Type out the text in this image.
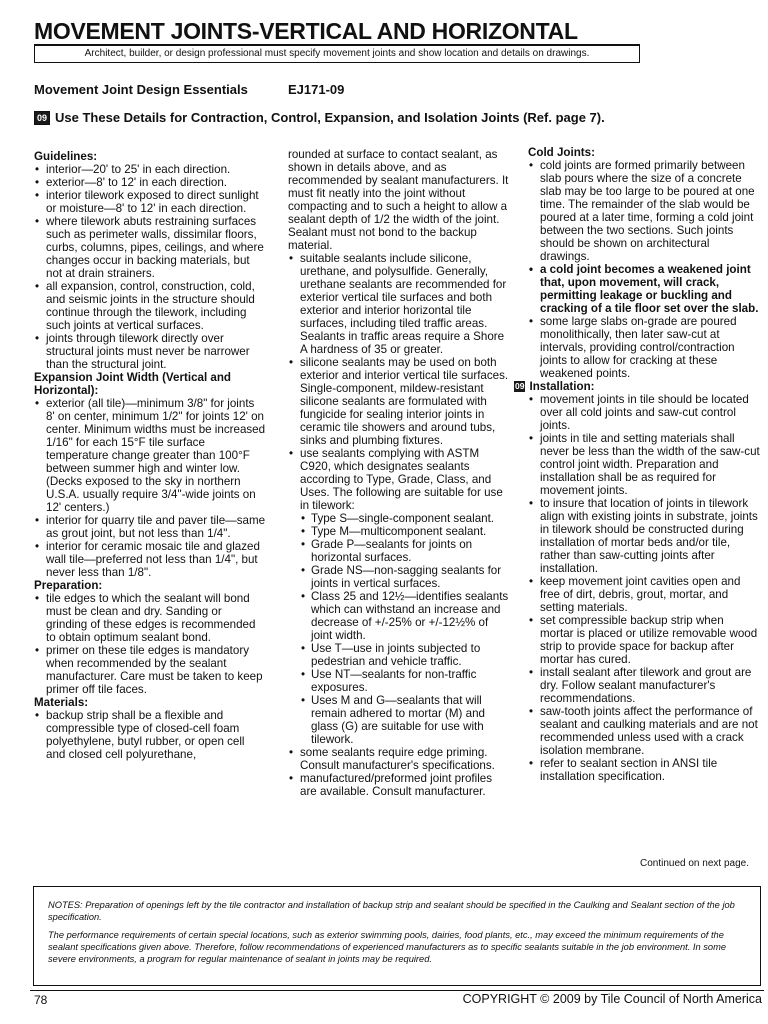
MOVEMENT JOINTS-VERTICAL AND HORIZONTAL
Architect, builder, or design professional must specify movement joints and show location and details on drawings.
Movement Joint Design Essentials	EJ171-09
09 Use These Details for Contraction, Control, Expansion, and Isolation Joints (Ref. page 7).

Guidelines:

• interior—20' to 25' in each direction.
• exterior—8' to 12' in each direction.
• interior tilework exposed to direct sunlight or moisture—8' to 12' in each direction.
• where tilework abuts restraining surfaces such as perimeter walls, dissimilar floors, curbs, columns, pipes, ceilings, and where changes occur in backing materials, but not at drain strainers.
• all expansion, control, construction, cold, and seismic joints in the structure should continue through the tilework, including such joints at vertical surfaces.
• joints through tilework directly over structural joints must never be narrower than the structural joint.

Expansion Joint Width (Vertical and Horizontal):

• exterior (all tile)—minimum 3/8" for joints 8' on center, minimum 1/2" for joints 12' on center. Minimum widths must be increased 1/16" for each 15°F tile surface temperature change greater than 100°F between summer high and winter low. (Decks exposed to the sky in northern U.S.A. usually require 3/4"-wide joints on 12' centers.)
• interior for quarry tile and paver tile—same as grout joint, but not less than 1/4".
• interior for ceramic mosaic tile and glazed wall tile—preferred not less than 1/4", but never less than 1/8".

Preparation:

• tile edges to which the sealant will bond must be clean and dry. Sanding or grinding of these edges is recommended to obtain optimum sealant bond.
• primer on these tile edges is mandatory when recommended by the sealant manufacturer. Care must be taken to keep primer off tile faces.

Materials:

• backup strip shall be a flexible and compressible type of closed-cell foam polyethylene, butyl rubber, or open cell and closed cell polyurethane,

rounded at surface to contact sealant, as shown in details above, and as recommended by sealant manufacturers. It must fit neatly into the joint without compacting and to such a height to allow a sealant depth of 1/2 the width of the joint. Sealant must not bond to the backup material.

• suitable sealants include silicone, urethane, and polysulfide. Generally, urethane sealants are recommended for exterior vertical tile surfaces and both exterior and interior horizontal tile surfaces, including tiled traffic areas. Sealants in traffic areas require a Shore A hardness of 35 or greater.
• silicone sealants may be used on both exterior and interior vertical tile surfaces. Single-component, mildew-resistant silicone sealants are formulated with fungicide for sealing interior joints in ceramic tile showers and around tubs, sinks and plumbing fixtures.
• use sealants complying with ASTM C920, which designates sealants according to Type, Grade, Class, and Uses. The following are suitable for use in tilework:
• Type S—single-component sealant.
• Type M—multicomponent sealant.
• Grade P—sealants for joints on horizontal surfaces.
• Grade NS—non-sagging sealants for joints in vertical surfaces.
• Class 25 and 12½—identifies sealants which can withstand an increase and decrease of +/-25% or +/-12½% of joint width.
• Use T—use in joints subjected to pedestrian and vehicle traffic.
• Use NT—sealants for non-traffic exposures.
• Uses M and G—sealants that will remain adhered to mortar (M) and glass (G) are suitable for use with tilework.
• some sealants require edge priming. Consult manufacturer's specifications.
• manufactured/preformed joint profiles are available. Consult manufacturer.

Cold Joints:

• cold joints are formed primarily between slab pours where the size of a concrete slab may be too large to be poured at one time. The remainder of the slab would be poured at a later time, forming a cold joint between the two sections. Such joints should be shown on architectural drawings.
• a cold joint becomes a weakened joint that, upon movement, will crack, permitting leakage or buckling and cracking of a tile floor set over the slab.
• some large slabs on-grade are poured monolithically, then later saw-cut at intervals, providing control/contraction joints to allow for cracking at these weakened points.

09 Installation:

• movement joints in tile should be located over all cold joints and saw-cut control joints.
• joints in tile and setting materials shall never be less than the width of the saw-cut control joint width. Preparation and installation shall be as required for movement joints.
• to insure that location of joints in tilework align with existing joints in substrate, joints in tilework should be constructed during installation of mortar beds and/or tile, rather than saw-cutting joints after installation.
• keep movement joint cavities open and free of dirt, debris, grout, mortar, and setting materials.
• set compressible backup strip when mortar is placed or utilize removable wood strip to provide space for backup after mortar has cured.
• install sealant after tilework and grout are dry. Follow sealant manufacturer's recommendations.
• saw-tooth joints affect the performance of sealant and caulking materials and are not recommended unless used with a crack isolation membrane.
• refer to sealant section in ANSI tile installation specification.
Continued on next page.

NOTES: Preparation of openings left by the tile contractor and installation of backup strip and sealant should be specified in the Caulking and Sealant section of the job specification.

The performance requirements of certain special locations, such as exterior swimming pools, dairies, food plants, etc., may exceed the minimum requirements of the sealant specifications given above. Therefore, follow recommendations of experienced manufacturers as to specific sealants suitable in the job environment. In some severe environments, a program for regular maintenance of sealant in joints may be required.

78	COPYRIGHT © 2009 by Tile Council of North America
